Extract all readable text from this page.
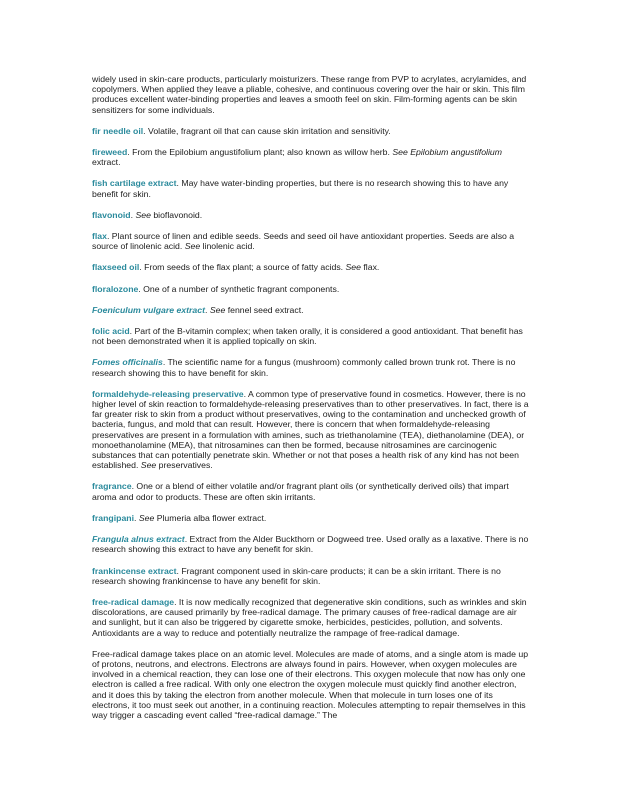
widely used in skin-care products, particularly moisturizers. These range from PVP to acrylates, acrylamides, and copolymers. When applied they leave a pliable, cohesive, and continuous covering over the hair or skin. This film produces excellent water-binding properties and leaves a smooth feel on skin. Film-forming agents can be skin sensitizers for some individuals.

fir needle oil. Volatile, fragrant oil that can cause skin irritation and sensitivity.

fireweed. From the Epilobium angustifolium plant; also known as willow herb. See Epilobium angustifolium extract.

fish cartilage extract. May have water-binding properties, but there is no research showing this to have any benefit for skin.

flavonoid. See bioflavonoid.

flax. Plant source of linen and edible seeds. Seeds and seed oil have antioxidant properties. Seeds are also a source of linolenic acid. See linolenic acid.

flaxseed oil. From seeds of the flax plant; a source of fatty acids. See flax.

floralozone. One of a number of synthetic fragrant components.

Foeniculum vulgare extract. See fennel seed extract.

folic acid. Part of the B-vitamin complex; when taken orally, it is considered a good antioxidant. That benefit has not been demonstrated when it is applied topically on skin.

Fomes officinalis. The scientific name for a fungus (mushroom) commonly called brown trunk rot. There is no research showing this to have benefit for skin.

formaldehyde-releasing preservative. A common type of preservative found in cosmetics. However, there is no higher level of skin reaction to formaldehyde-releasing preservatives than to other preservatives. In fact, there is a far greater risk to skin from a product without preservatives, owing to the contamination and unchecked growth of bacteria, fungus, and mold that can result. However, there is concern that when formaldehyde-releasing preservatives are present in a formulation with amines, such as triethanolamine (TEA), diethanolamine (DEA), or monoethanolamine (MEA), that nitrosamines can then be formed, because nitrosamines are carcinogenic substances that can potentially penetrate skin. Whether or not that poses a health risk of any kind has not been established. See preservatives.

fragrance. One or a blend of either volatile and/or fragrant plant oils (or synthetically derived oils) that impart aroma and odor to products. These are often skin irritants.

frangipani. See Plumeria alba flower extract.

Frangula alnus extract. Extract from the Alder Buckthorn or Dogweed tree. Used orally as a laxative. There is no research showing this extract to have any benefit for skin.

frankincense extract. Fragrant component used in skin-care products; it can be a skin irritant. There is no research showing frankincense to have any benefit for skin.

free-radical damage. It is now medically recognized that degenerative skin conditions, such as wrinkles and skin discolorations, are caused primarily by free-radical damage. The primary causes of free-radical damage are air and sunlight, but it can also be triggered by cigarette smoke, herbicides, pesticides, pollution, and solvents. Antioxidants are a way to reduce and potentially neutralize the rampage of free-radical damage.

Free-radical damage takes place on an atomic level. Molecules are made of atoms, and a single atom is made up of protons, neutrons, and electrons. Electrons are always found in pairs. However, when oxygen molecules are involved in a chemical reaction, they can lose one of their electrons. This oxygen molecule that now has only one electron is called a free radical. With only one electron the oxygen molecule must quickly find another electron, and it does this by taking the electron from another molecule. When that molecule in turn loses one of its electrons, it too must seek out another, in a continuing reaction. Molecules attempting to repair themselves in this way trigger a cascading event called “free-radical damage.” The
